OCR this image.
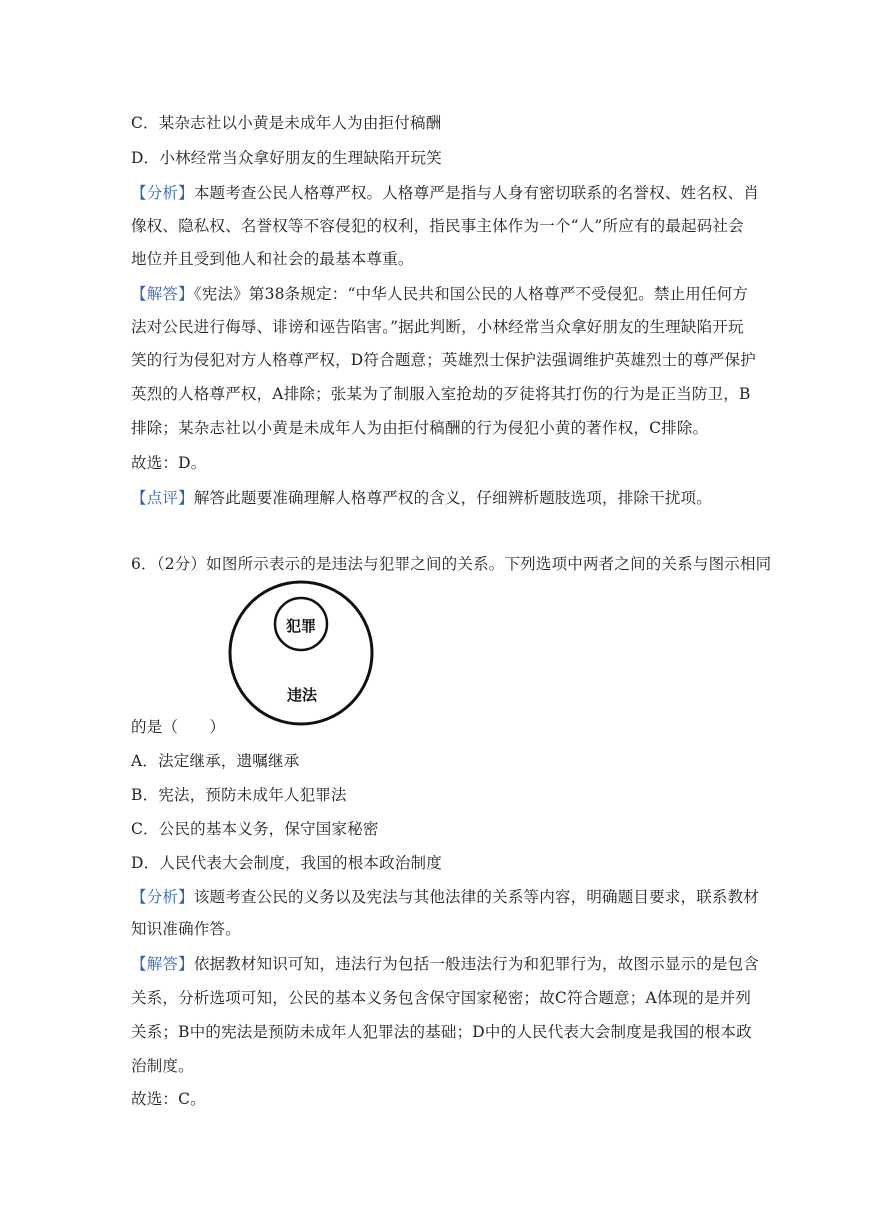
C．某杂志社以小黄是未成年人为由拒付稿酬
D．小林经常当众拿好朋友的生理缺陷开玩笑
【分析】本题考查公民人格尊严权。人格尊严是指与人身有密切联系的名誉权、姓名权、肖
像权、隐私权、名誉权等不容侵犯的权利，指民事主体作为一个“人”所应有的最起码社会
地位并且受到他人和社会的最基本尊重。
【解答】《宪法》第38条规定：“中华人民共和国公民的人格尊严不受侵犯。禁止用任何方
法对公民进行侮辱、诽谤和诬告陷害。”据此判断，小林经常当众拿好朋友的生理缺陷开玩
笑的行为侵犯对方人格尊严权，D符合题意；英雄烈士保护法强调维护英雄烈士的尊严保护
英烈的人格尊严权，A排除；张某为了制服入室抢劫的歹徒将其打伤的行为是正当防卫，B
排除；某杂志社以小黄是未成年人为由拒付稿酬的行为侵犯小黄的著作权，C排除。
故选：D。
【点评】解答此题要准确理解人格尊严权的含义，仔细辨析题肢选项，排除干扰项。
6．（2分）如图所示表示的是违法与犯罪之间的关系。下列选项中两者之间的关系与图示相同
犯罪
违法
的是（　　）
A．法定继承，遗嘱继承
B．宪法，预防未成年人犯罪法
C．公民的基本义务，保守国家秘密
D．人民代表大会制度，我国的根本政治制度
【分析】该题考查公民的义务以及宪法与其他法律的关系等内容，明确题目要求，联系教材
知识准确作答。
【解答】依据教材知识可知，违法行为包括一般违法行为和犯罪行为，故图示显示的是包含
关系，分析选项可知，公民的基本义务包含保守国家秘密；故C符合题意；A体现的是并列
关系；B中的宪法是预防未成年人犯罪法的基础；D中的人民代表大会制度是我国的根本政
治制度。
故选：C。
